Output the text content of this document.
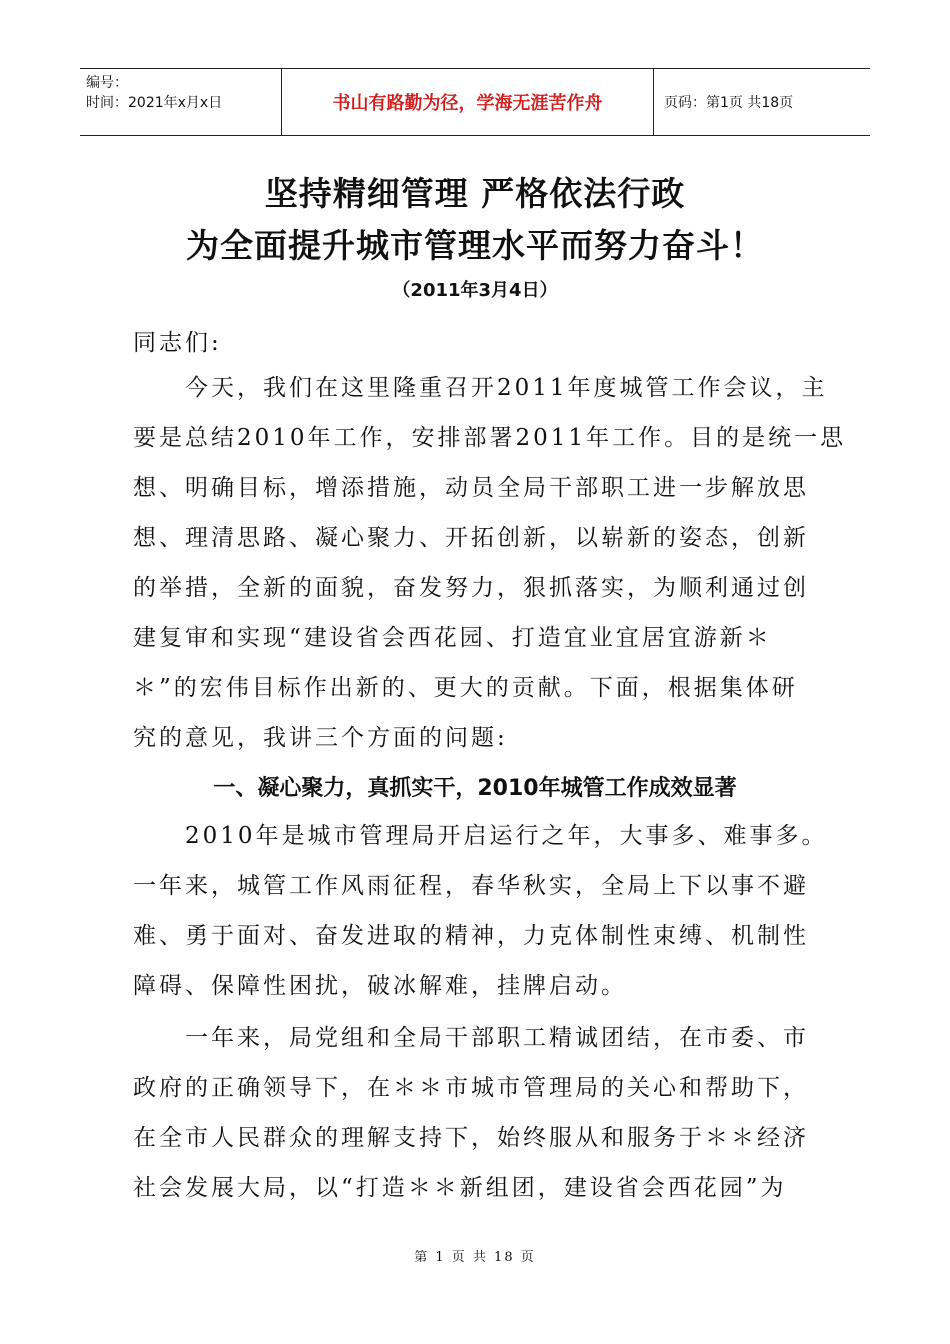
编号：
时间：2021年x月x日	书山有路勤为径，学海无涯苦作舟	页码：第1页 共18页
坚持精细管理 严格依法行政
为全面提升城市管理水平而努力奋斗！
（2011年3月4日）
同志们:
　　今天，我们在这里隆重召开2011年度城管工作会议，主
要是总结2010年工作，安排部署2011年工作。目的是统一思
想、明确目标，增添措施，动员全局干部职工进一步解放思
想、理清思路、凝心聚力、开拓创新，以崭新的姿态，创新
的举措，全新的面貌，奋发努力，狠抓落实，为顺利通过创
建复审和实现“建设省会西花园、打造宜业宜居宜游新＊
＊”的宏伟目标作出新的、更大的贡献。下面，根据集体研
究的意见，我讲三个方面的问题:
一、凝心聚力，真抓实干，2010年城管工作成效显著
　　2010年是城市管理局开启运行之年，大事多、难事多。
一年来，城管工作风雨征程，春华秋实，全局上下以事不避
难、勇于面对、奋发进取的精神，力克体制性束缚、机制性
障碍、保障性困扰，破冰解难，挂牌启动。
　　一年来，局党组和全局干部职工精诚团结，在市委、市
政府的正确领导下，在＊＊市城市管理局的关心和帮助下，
在全市人民群众的理解支持下，始终服从和服务于＊＊经济
社会发展大局，以“打造＊＊新组团，建设省会西花园”为
第 1 页 共 18 页
